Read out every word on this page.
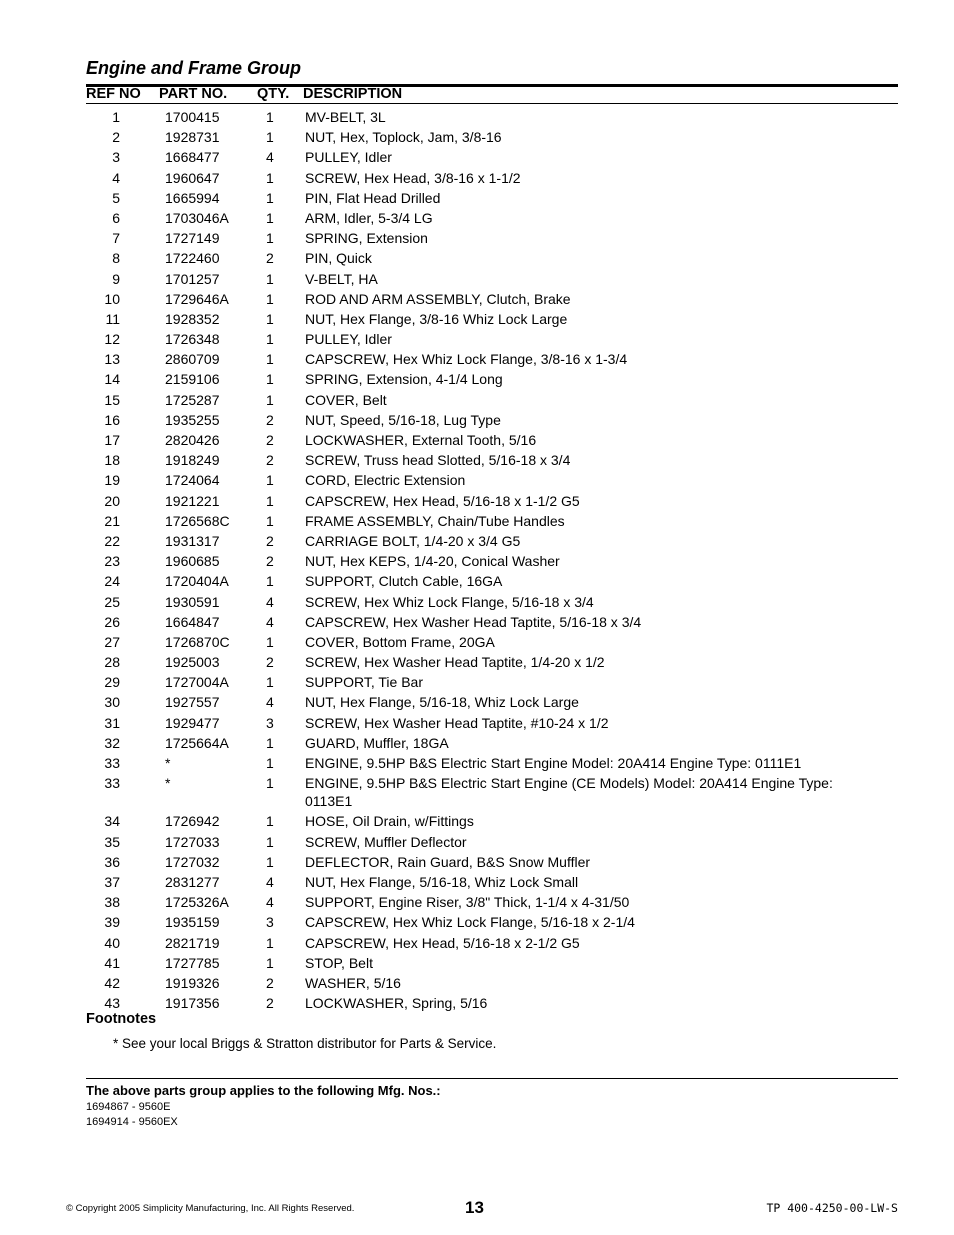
Engine and Frame Group
REF NO PART NO. QTY. DESCRIPTION
1	1700415	1 MV-BELT, 3L
2	1928731	1 NUT, Hex, Toplock, Jam, 3/8-16
3	1668477	4 PULLEY, Idler
4	1960647	1 SCREW, Hex Head, 3/8-16 x 1-1/2
5	1665994	1 PIN, Flat Head Drilled
6	1703046A	1 ARM, Idler, 5-3/4 LG
7	1727149	1 SPRING, Extension
8	1722460	2 PIN, Quick
9	1701257	1 V-BELT, HA
10	1729646A	1 ROD AND ARM ASSEMBLY, Clutch, Brake
11	1928352	1 NUT, Hex Flange, 3/8-16 Whiz Lock Large
12	1726348	1 PULLEY, Idler
13	2860709	1 CAPSCREW, Hex Whiz Lock Flange, 3/8-16 x 1-3/4
14	2159106	1 SPRING, Extension, 4-1/4 Long
15	1725287	1 COVER, Belt
16	1935255	2 NUT, Speed, 5/16-18, Lug Type
17	2820426	2 LOCKWASHER, External Tooth, 5/16
18	1918249	2 SCREW, Truss head Slotted, 5/16-18 x 3/4
19	1724064	1 CORD, Electric Extension
20	1921221	1 CAPSCREW, Hex Head, 5/16-18 x 1-1/2 G5
21	1726568C	1 FRAME ASSEMBLY, Chain/Tube Handles
22	1931317	2 CARRIAGE BOLT, 1/4-20 x 3/4 G5
23	1960685	2 NUT, Hex KEPS, 1/4-20, Conical Washer
24	1720404A	1 SUPPORT, Clutch Cable, 16GA
25	1930591	4 SCREW, Hex Whiz Lock Flange, 5/16-18 x 3/4
26	1664847	4 CAPSCREW, Hex Washer Head Taptite, 5/16-18 x 3/4
27	1726870C	1 COVER, Bottom Frame, 20GA
28	1925003	2 SCREW, Hex Washer Head Taptite, 1/4-20 x 1/2
29	1727004A	1 SUPPORT, Tie Bar
30	1927557	4 NUT, Hex Flange, 5/16-18, Whiz Lock Large
31	1929477	3 SCREW, Hex Washer Head Taptite, #10-24 x 1/2
32	1725664A	1 GUARD, Muffler, 18GA
33	*	1 ENGINE, 9.5HP B&S Electric Start Engine Model: 20A414 Engine Type: 0111E1
33	*	1 ENGINE, 9.5HP B&S Electric Start Engine (CE Models) Model: 20A414 Engine Type: 0113E1
34	1726942	1 HOSE, Oil Drain, w/Fittings
35	1727033	1 SCREW, Muffler Deflector
36	1727032	1 DEFLECTOR, Rain Guard, B&S Snow Muffler
37	2831277	4 NUT, Hex Flange, 5/16-18, Whiz Lock Small
38	1725326A	4 SUPPORT, Engine Riser, 3/8" Thick, 1-1/4 x 4-31/50
39	1935159	3 CAPSCREW, Hex Whiz Lock Flange, 5/16-18 x 2-1/4
40	2821719	1 CAPSCREW, Hex Head, 5/16-18 x 2-1/2 G5
41	1727785	1 STOP, Belt
42	1919326	2 WASHER, 5/16
43	1917356	2 LOCKWASHER, Spring, 5/16
Footnotes
* See your local Briggs & Stratton distributor for Parts & Service.
The above parts group applies to the following Mfg. Nos.:
1694867 - 9560E
1694914 - 9560EX
© Copyright 2005 Simplicity Manufacturing, Inc. All Rights Reserved.	13	TP 400-4250-00-LW-S
